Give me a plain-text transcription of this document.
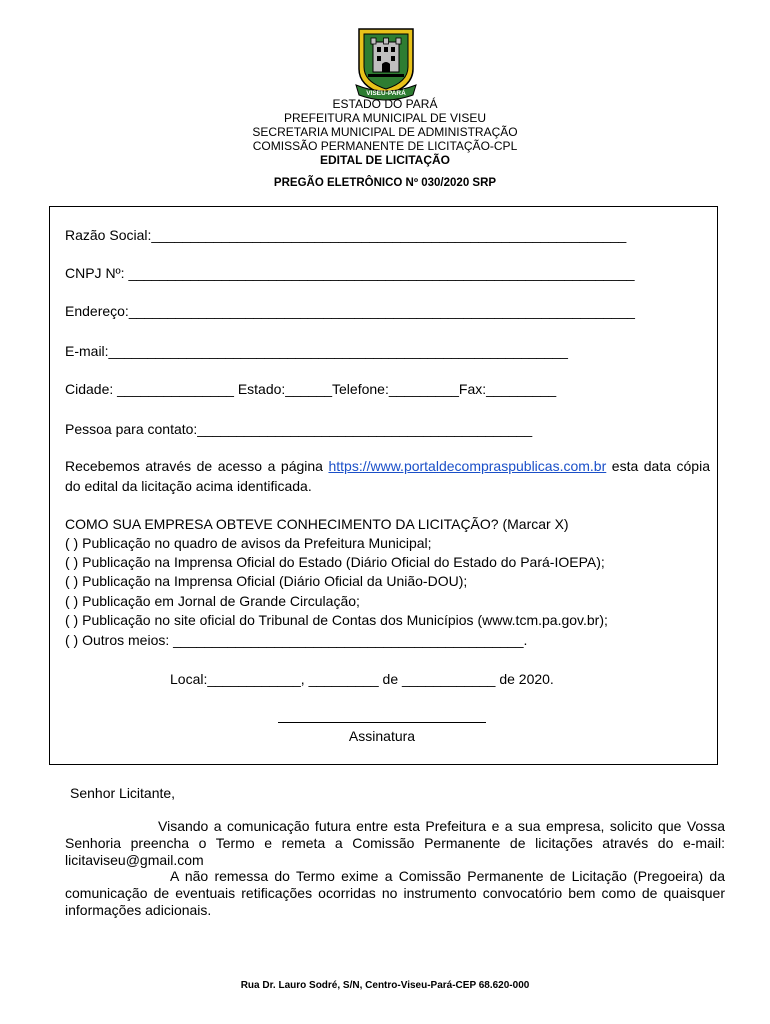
VISEU-PARÁ
ESTADO DO PARÁ
PREFEITURA MUNICIPAL DE VISEU
SECRETARIA MUNICIPAL DE ADMINISTRAÇÃO
COMISSÃO PERMANENTE DE LICITAÇÃO-CPL
EDITAL DE LICITAÇÃO
PREGÃO ELETRÔNICO Nº 030/2020 SRP
Razão Social:_____________________________________________________________
CNPJ Nº: _________________________________________________________________
Endereço:_________________________________________________________________
E-mail:___________________________________________________________
Cidade: _______________ Estado:______Telefone:_________Fax:_________
Pessoa para contato:___________________________________________
Recebemos através de acesso a página https://www.portaldecompraspublicas.com.br esta data cópia do edital da licitação acima identificada.
COMO SUA EMPRESA OBTEVE CONHECIMENTO DA LICITAÇÃO? (Marcar X)
( ) Publicação no quadro de avisos da Prefeitura Municipal;
( ) Publicação na Imprensa Oficial do Estado (Diário Oficial do Estado do Pará-IOEPA);
( ) Publicação na Imprensa Oficial (Diário Oficial da União-DOU);
( ) Publicação em Jornal de Grande Circulação;
( ) Publicação no site oficial do Tribunal de Contas dos Municípios (www.tcm.pa.gov.br);
( ) Outros meios: _____________________________________________.
Local:____________, _________ de ____________ de 2020.
Assinatura
Senhor Licitante,
Visando a comunicação futura entre esta Prefeitura e a sua empresa, solicito que Vossa Senhoria preencha o Termo e remeta a Comissão Permanente de licitações através do e-mail: licitaviseu@gmail.com
A não remessa do Termo exime a Comissão Permanente de Licitação (Pregoeira) da comunicação de eventuais retificações ocorridas no instrumento convocatório bem como de quaisquer informações adicionais.
Rua Dr. Lauro Sodré, S/N, Centro-Viseu-Pará-CEP 68.620-000
